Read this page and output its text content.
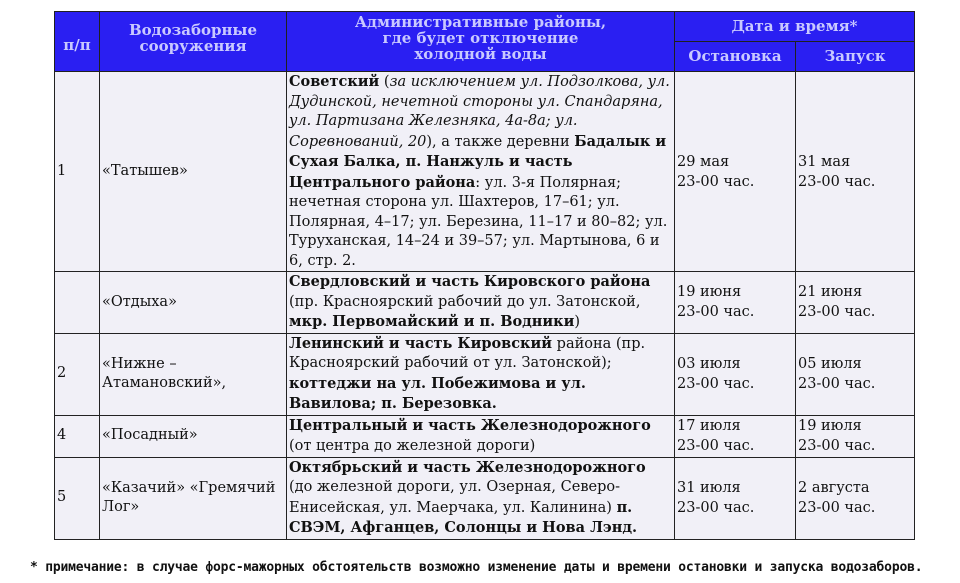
п/п	Водозаборные сооружения	Административные районы,
где будет отключение
холодной воды	Дата и время*	
			Остановка	Запуск
1	«Татышев»	Советский (за исключением ул. Подзолкова, ул. Дудинской, нечетной стороны ул. Спандаряна, ул. Партизана Железняка, 4а-8а; ул. Соревнований, 20), а также деревни Бадалык и Сухая Балка, п. Нанжуль и часть Центрального района: ул. 3-я Полярная; нечетная сторона ул. Шахтеров, 17–61; ул. Полярная, 4–17; ул. Березина, 11–17 и 80–82; ул. Туруханская, 14–24 и 39–57; ул. Мартынова, 6 и 6, стр. 2.	29 мая
23-00 час.	31 мая
23-00 час.
	«Отдыха»	Свердловский и часть Кировского района (пр. Красноярский рабочий до ул. Затонской, мкр. Первомайский и п. Водники)	19 июня
23-00 час.	21 июня
23-00 час.
2	«Нижне – Атамановский»,	Ленинский и часть Кировский района (пр. Красноярский рабочий от ул. Затонской); коттеджи на ул. Побежимова и ул. Вавилова; п. Березовка.	03 июля
23-00 час.	05 июля
23-00 час.
4	«Посадный»	Центральный и часть Железнодорожного (от центра до железной дороги)	17 июля
23-00 час.	19 июля
23-00 час.
5	«Казачий» «Гремячий Лог»	Октябрьский и часть Железнодорожного (до железной дороги, ул. Озерная, Северо-Енисейская, ул. Маерчака, ул. Калинина) п. СВЭМ, Афганцев, Солонцы и Нова Лэнд.	31 июля
23-00 час.	2 августа
23-00 час.
* примечание: в случае форс-мажорных обстоятельств возможно изменение даты и времени остановки и запуска водозаборов.
